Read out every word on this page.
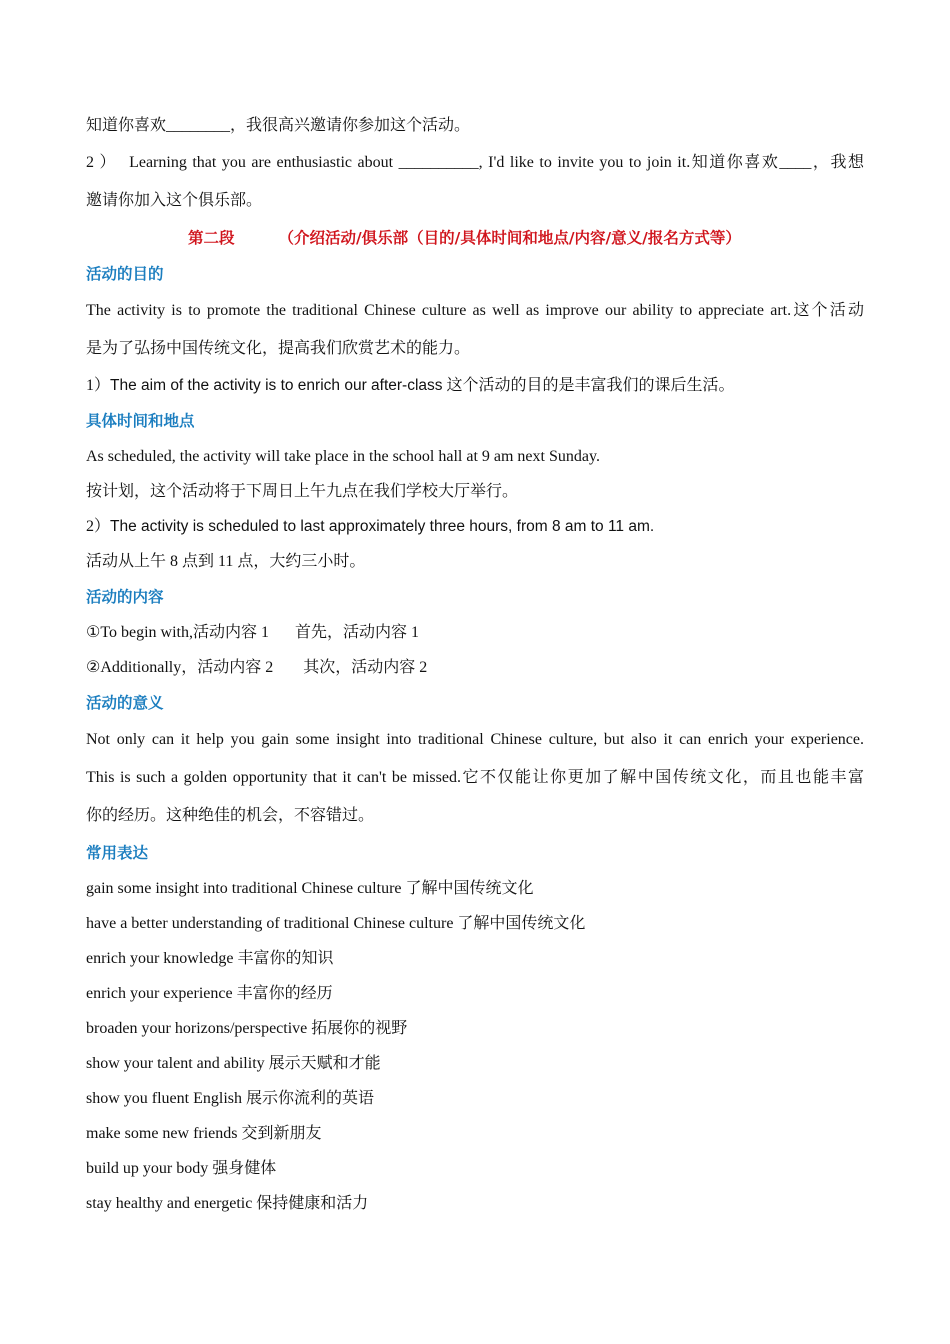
知道你喜欢________，我很高兴邀请你参加这个活动。
2 ） Learning that you are enthusiastic about __________, I'd like to invite you to join it.知道你喜欢____，我想
邀请你加入这个俱乐部。
第二段	（介绍活动/俱乐部（目的/具体时间和地点/内容/意义/报名方式等）
活动的目的
The activity is to promote the traditional Chinese culture as well as improve our ability to appreciate art.这个活动
是为了弘扬中国传统文化，提高我们欣赏艺术的能力。
1）The aim of the activity is to enrich our after-class 这个活动的目的是丰富我们的课后生活。
具体时间和地点
As scheduled, the activity will take place in the school hall at 9 am next Sunday.
按计划，这个活动将于下周日上午九点在我们学校大厅举行。
2）The activity is scheduled to last approximately three hours, from 8 am to 11 am.
活动从上午 8 点到 11 点，大约三小时。
活动的内容
①To begin with,活动内容 1 首先，活动内容 1
②Additionally，活动内容 2 其次，活动内容 2
活动的意义
Not only can it help you gain some insight into traditional Chinese culture, but also it can enrich your experience.
This is such a golden opportunity that it can't be missed.它不仅能让你更加了解中国传统文化，而且也能丰富
你的经历。这种绝佳的机会，不容错过。
常用表达
gain some insight into traditional Chinese culture 了解中国传统文化
have a better understanding of traditional Chinese culture 了解中国传统文化
enrich your knowledge 丰富你的知识
enrich your experience 丰富你的经历
broaden your horizons/perspective 拓展你的视野
show your talent and ability 展示天赋和才能
show you fluent English 展示你流利的英语
make some new friends 交到新朋友
build up your body 强身健体
stay healthy and energetic 保持健康和活力
